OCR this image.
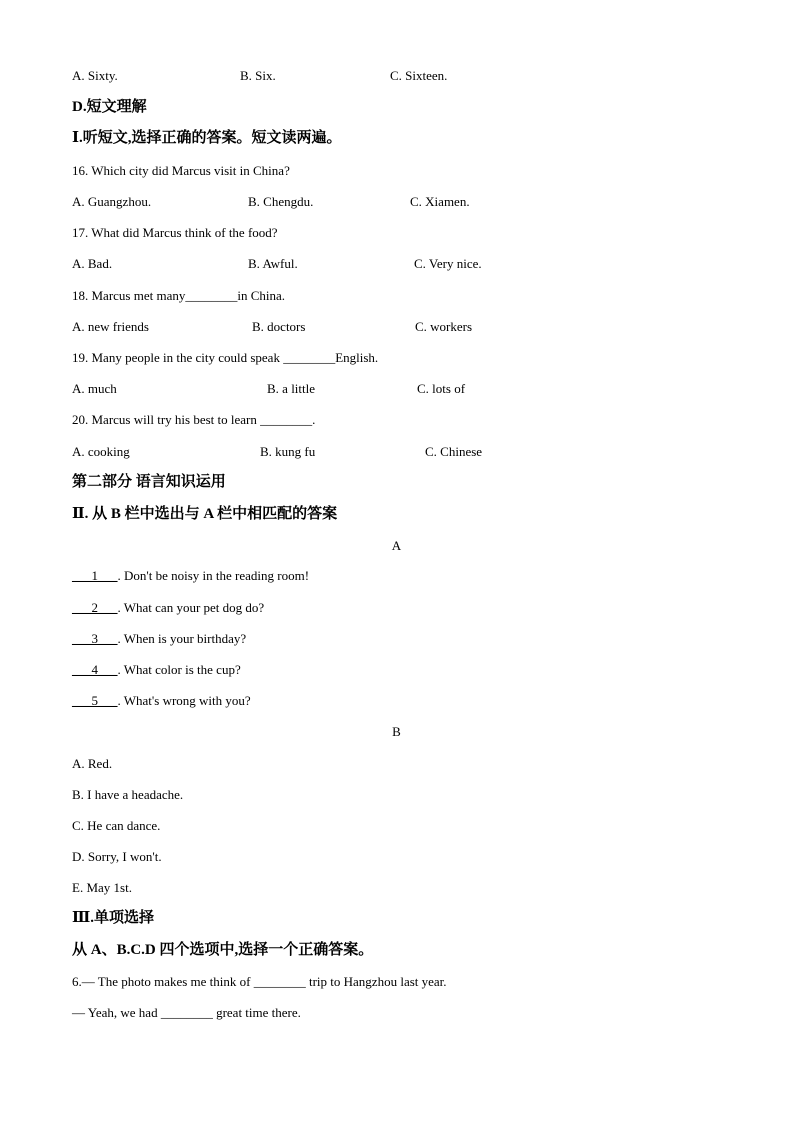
A. Sixty.	B. Six.	C. Sixteen.
D.短文理解
Ⅰ.听短文,选择正确的答案。短文读两遍。
16. Which city did Marcus visit in China?
A. Guangzhou.	B. Chengdu.	C. Xiamen.
17. What did Marcus think of the food?
A. Bad.	B. Awful.	C. Very nice.
18. Marcus met many________in China.
A. new friends	B. doctors	C. workers
19. Many people in the city could speak ________English.
A. much	B. a little	C. lots of
20. Marcus will try his best to learn ________.
A. cooking	B. kung fu	C. Chinese
第二部分 语言知识运用
Ⅱ. 从 B 栏中选出与 A 栏中相匹配的答案
A
___1___. Don't be noisy in the reading room!
___2___. What can your pet dog do?
___3___. When is your birthday?
___4___. What color is the cup?
___5___. What's wrong with you?
B
A. Red.
B. I have a headache.
C. He can dance.
D. Sorry, I won't.
E. May 1st.
Ⅲ.单项选择
从 A、B.C.D 四个选项中,选择一个正确答案。
6.— The photo makes me think of ________ trip to Hangzhou last year.
— Yeah, we had ________ great time there.
